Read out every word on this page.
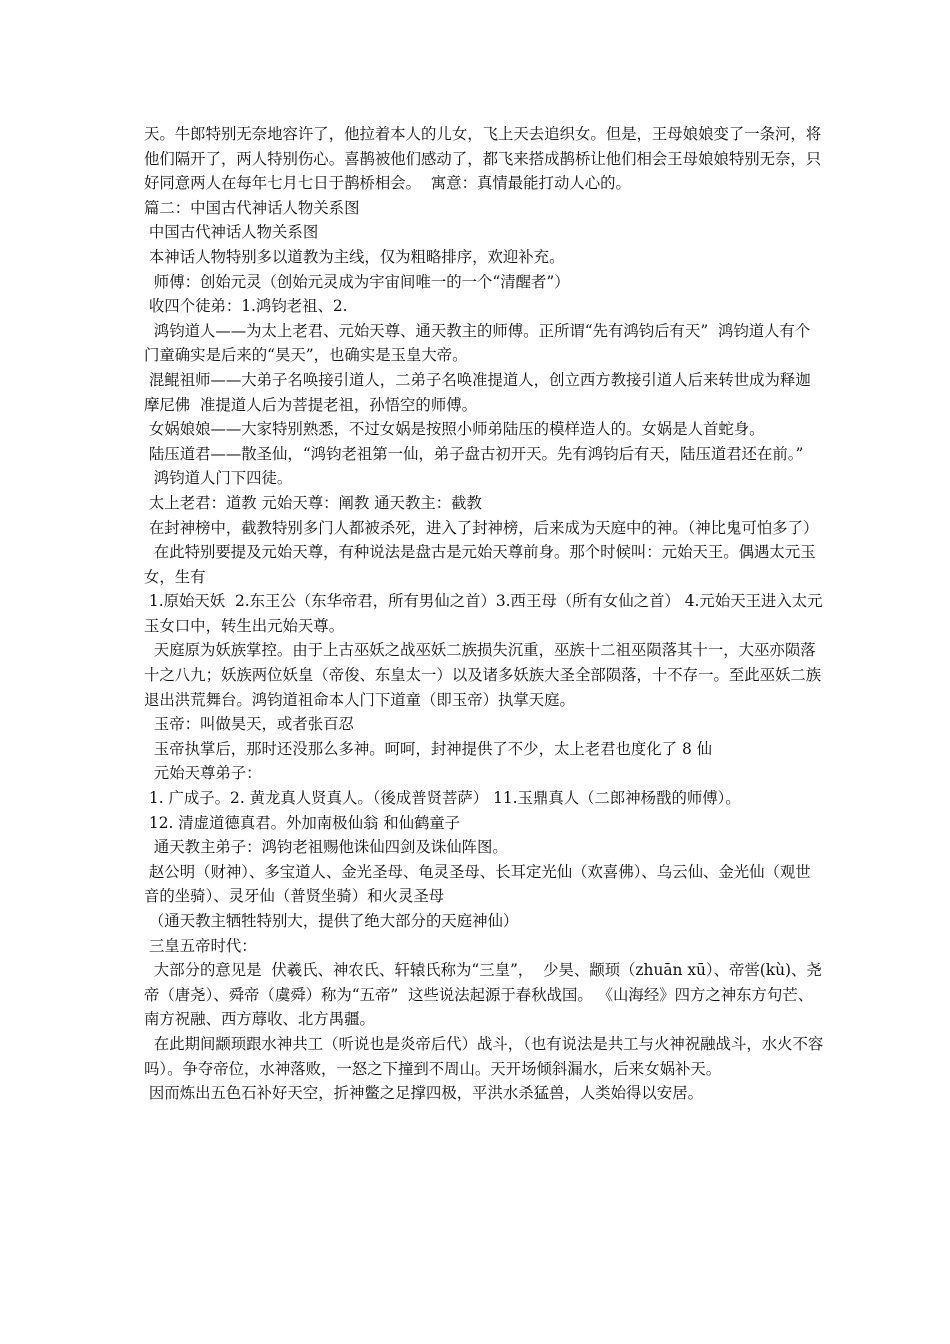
天。牛郎特别无奈地容许了，他拉着本人的儿女，飞上天去追织女。但是，王母娘娘变了一条河，将他们隔开了，两人特别伤心。喜鹊被他们感动了，都飞来搭成鹊桥让他们相会王母娘娘特别无奈，只好同意两人在每年七月七日于鹊桥相会。  寓意：真情最能打动人心的。

篇二：中国古代神话人物关系图

中国古代神话人物关系图

本神话人物特别多以道教为主线，仅为粗略排序，欢迎补充。

师傅：创始元灵（创始元灵成为宇宙间唯一的一个“清醒者”）

收四个徒弟：1.鸿钧老祖、2.

鸿钧道人——为太上老君、元始天尊、通天教主的师傅。正所谓“先有鸿钧后有天”  鸿钧道人有个门童确实是后来的“昊天”，也确实是玉皇大帝。

混鲲祖师——大弟子名唤接引道人，二弟子名唤准提道人，创立西方教接引道人后来转世成为释迦摩尼佛  准提道人后为菩提老祖，孙悟空的师傅。

女娲娘娘——大家特别熟悉，不过女娲是按照小师弟陆压的模样造人的。女娲是人首蛇身。

陆压道君——散圣仙，“鸿钧老祖第一仙，弟子盘古初开天。先有鸿钧后有天，陆压道君还在前。”

鸿钧道人门下四徒。

太上老君：道教 元始天尊：阐教 通天教主：截教

在封神榜中，截教特别多门人都被杀死，进入了封神榜，后来成为天庭中的神。（神比鬼可怕多了）

在此特别要提及元始天尊，有种说法是盘古是元始天尊前身。那个时候叫：元始天王。偶遇太元玉女，生有

1.原始天妖  2.东王公（东华帝君，所有男仙之首）3.西王母（所有女仙之首） 4.元始天王进入太元玉女口中，转生出元始天尊。

天庭原为妖族掌控。由于上古巫妖之战巫妖二族损失沉重，巫族十二祖巫陨落其十一，大巫亦陨落十之八九；妖族两位妖皇（帝俊、东皇太一）以及诸多妖族大圣全部陨落，十不存一。至此巫妖二族退出洪荒舞台。鸿钧道祖命本人门下道童（即玉帝）执掌天庭。

玉帝：叫做昊天，或者张百忍

玉帝执掌后，那时还没那么多神。呵呵，封神提供了不少，太上老君也度化了 8 仙

元始天尊弟子：

1. 广成子。2. 黄龙真人贤真人。（後成普贤菩萨） 11.玉鼎真人（二郎神杨戬的师傅）。

12. 清虚道德真君。外加南极仙翁 和仙鹤童子

通天教主弟子：鸿钧老祖赐他诛仙四剑及诛仙阵图。

赵公明（财神）、多宝道人、金光圣母、龟灵圣母、长耳定光仙（欢喜佛）、乌云仙、金光仙（观世音的坐骑）、灵牙仙（普贤坐骑）和火灵圣母

（通天教主牺牲特别大，提供了绝大部分的天庭神仙）

三皇五帝时代：

大部分的意见是  伏羲氏、神农氏、轩辕氏称为“三皇”，  少昊、颛顼（zhuān xū）、帝喾(kù)、尧帝（唐尧）、舜帝（虞舜）称为“五帝”  这些说法起源于春秋战国。 《山海经》四方之神东方句芒、南方祝融、西方蓐收、北方禺疆。

在此期间颛顼跟水神共工（听说也是炎帝后代）战斗，（也有说法是共工与火神祝融战斗，水火不容吗）。争夺帝位，水神落败，一怒之下撞到不周山。天开场倾斜漏水，后来女娲补天。

因而炼出五色石补好天空，折神鳖之足撑四极，平洪水杀猛兽，人类始得以安居。
